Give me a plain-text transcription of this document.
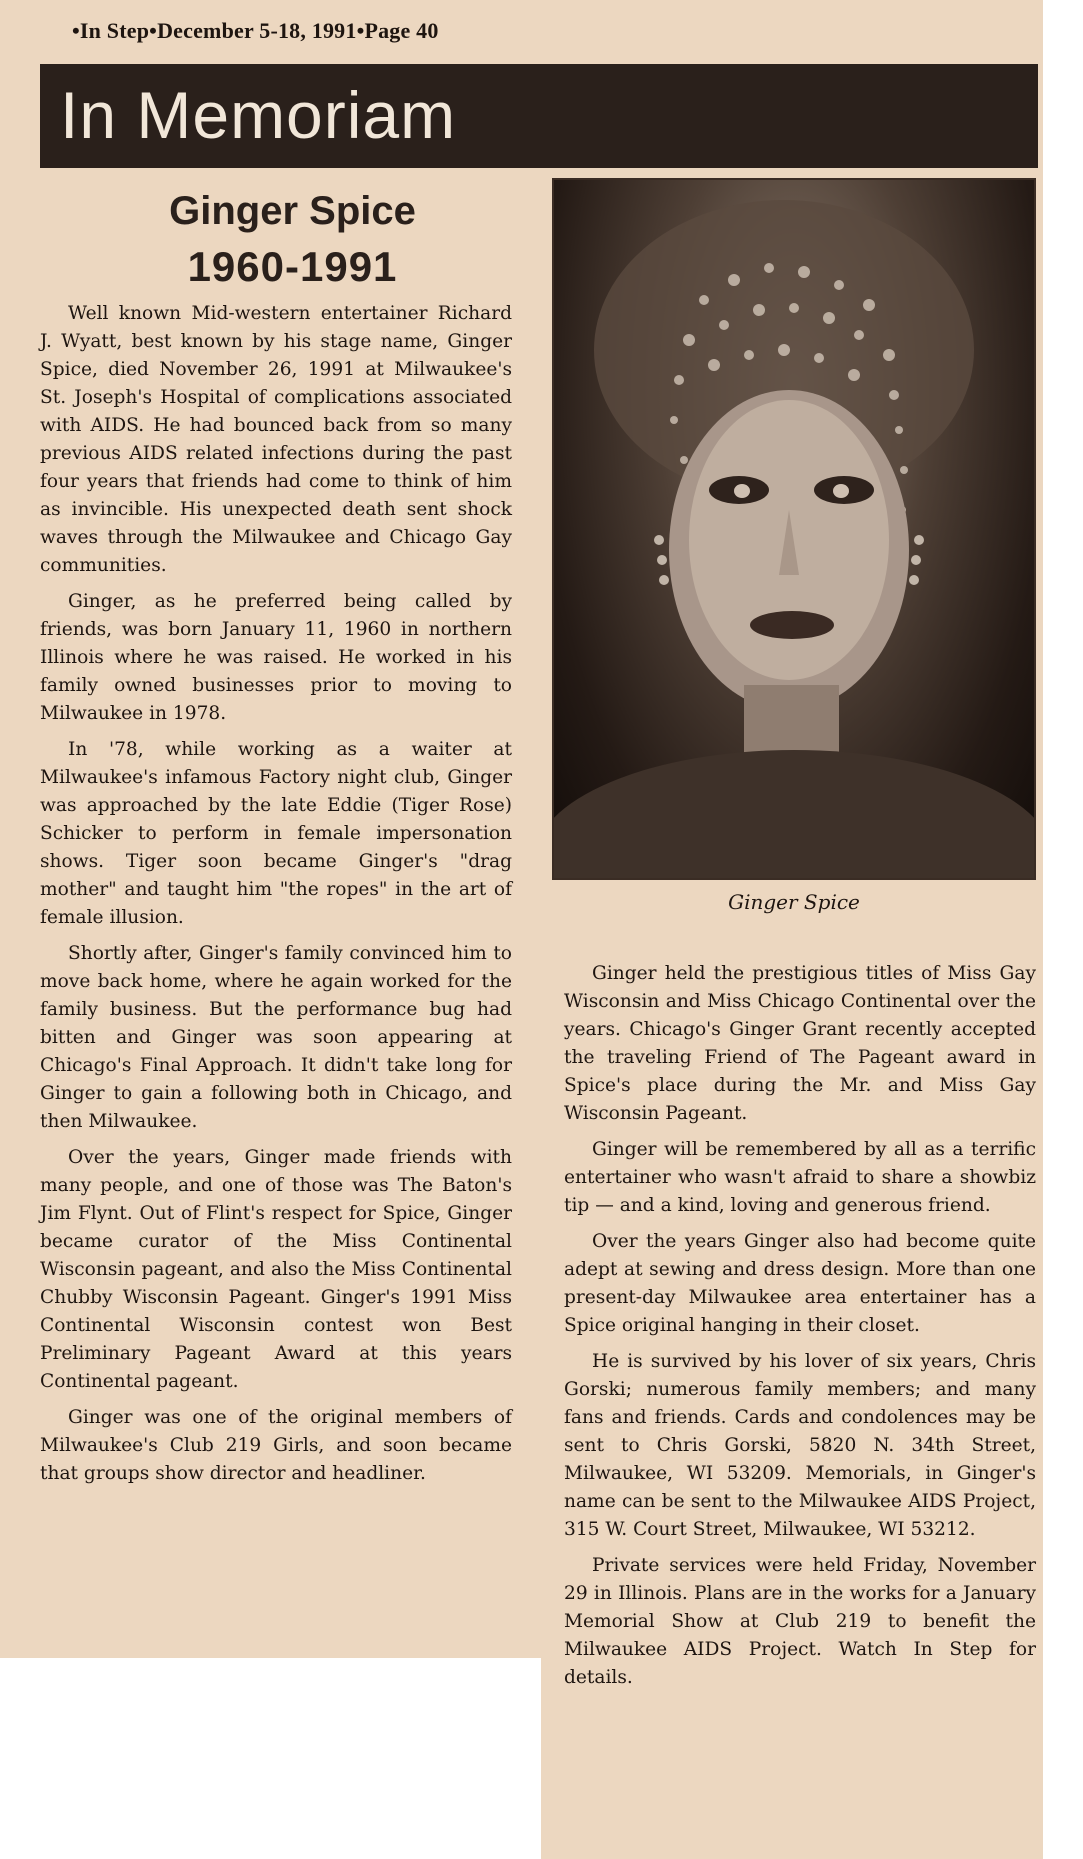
•In Step•December 5-18, 1991•Page 40
In Memoriam
Ginger Spice
1960-1991

Well known Mid-western entertainer Richard J. Wyatt, best known by his stage name, Ginger Spice, died November 26, 1991 at Milwaukee's St. Joseph's Hospital of complications associated with AIDS. He had bounced back from so many previous AIDS related infections during the past four years that friends had come to think of him as invincible. His unexpected death sent shock waves through the Milwaukee and Chicago Gay communities.

Ginger, as he preferred being called by friends, was born January 11, 1960 in northern Illinois where he was raised. He worked in his family owned businesses prior to moving to Milwaukee in 1978.

In '78, while working as a waiter at Milwaukee's infamous Factory night club, Ginger was approached by the late Eddie (Tiger Rose) Schicker to perform in female impersonation shows. Tiger soon became Ginger's "drag mother" and taught him "the ropes" in the art of female illusion.

Shortly after, Ginger's family convinced him to move back home, where he again worked for the family business. But the performance bug had bitten and Ginger was soon appearing at Chicago's Final Approach. It didn't take long for Ginger to gain a following both in Chicago, and then Milwaukee.

Over the years, Ginger made friends with many people, and one of those was The Baton's Jim Flynt. Out of Flint's respect for Spice, Ginger became curator of the Miss Continental Wisconsin pageant, and also the Miss Continental Chubby Wisconsin Pageant. Ginger's 1991 Miss Continental Wisconsin contest won Best Preliminary Pageant Award at this years Continental pageant.

Ginger was one of the original members of Milwaukee's Club 219 Girls, and soon became that groups show director and headliner.

Ginger Spice

Ginger held the prestigious titles of Miss Gay Wisconsin and Miss Chicago Continental over the years. Chicago's Ginger Grant recently accepted the traveling Friend of The Pageant award in Spice's place during the Mr. and Miss Gay Wisconsin Pageant.

Ginger will be remembered by all as a terrific entertainer who wasn't afraid to share a showbiz tip — and a kind, loving and generous friend.

Over the years Ginger also had become quite adept at sewing and dress design. More than one present-day Milwaukee area entertainer has a Spice original hanging in their closet.

He is survived by his lover of six years, Chris Gorski; numerous family members; and many fans and friends. Cards and condolences may be sent to Chris Gorski, 5820 N. 34th Street, Milwaukee, WI 53209. Memorials, in Ginger's name can be sent to the Milwaukee AIDS Project, 315 W. Court Street, Milwaukee, WI 53212.

Private services were held Friday, November 29 in Illinois. Plans are in the works for a January Memorial Show at Club 219 to benefit the Milwaukee AIDS Project. Watch In Step for details.
